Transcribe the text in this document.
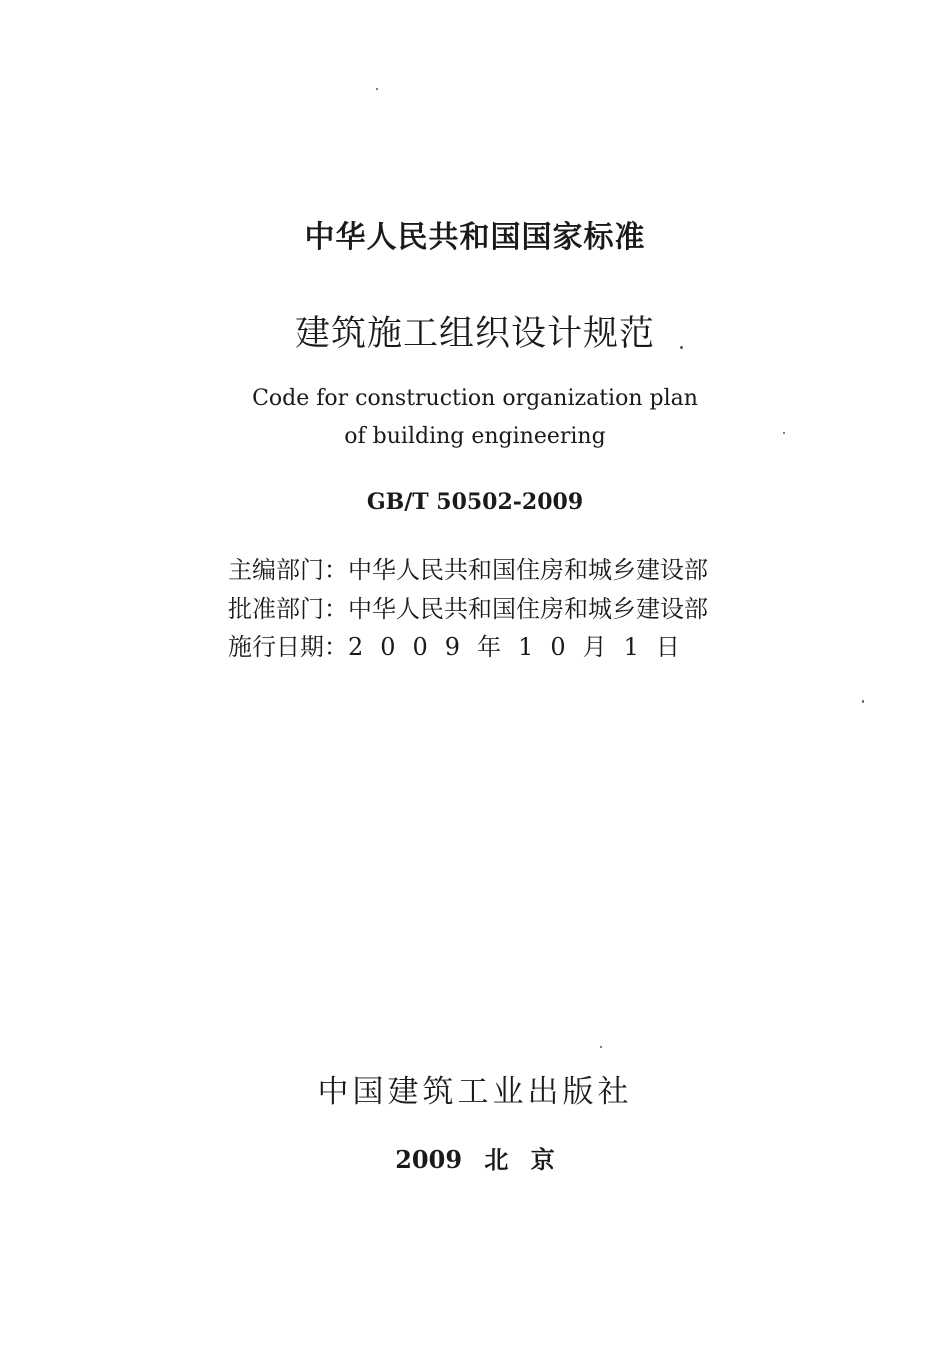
中华人民共和国国家标准
建筑施工组织设计规范
Code for construction organization plan
of building engineering
GB/T 50502-2009
主编部门： 中华人民共和国住房和城乡建设部
批准部门： 中华人民共和国住房和城乡建设部
施行日期： 2009年10月1日
中国建筑工业出版社
2009 北 京
